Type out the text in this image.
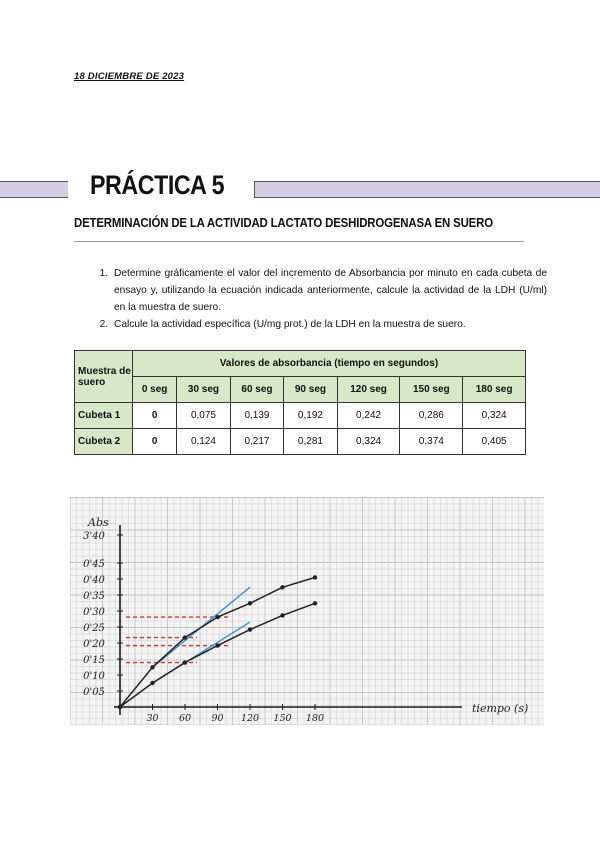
18 DICIEMBRE DE 2023
PRÁCTICA 5
DETERMINACIÓN DE LA ACTIVIDAD LACTATO DESHIDROGENASA EN SUERO
1. Determine gráficamente el valor del incremento de Absorbancia por minuto en cada cubeta de ensayo y, utilizando la ecuación indicada anteriormente, calcule la actividad de la LDH (U/ml) en la muestra de suero.
2. Calcule la actividad específica (U/mg prot.) de la LDH en la muestra de suero.
Muestra de suero	Valores de absorbancia (tiempo en segundos)						
	0 seg	30 seg	60 seg	90 seg	120 seg	150 seg	180 seg
Cubeta 1	0	0,075	0,139	0,192	0,242	0,286	0,324
Cubeta 2	0	0,124	0,217	0,281	0,324	0,374	0,405
0'05
0'10
0'15
0'20
0'25
0'30
0'35
0'40
0'45
3'40
Abs
30 60 90 120 150 180
tiempo (s)
